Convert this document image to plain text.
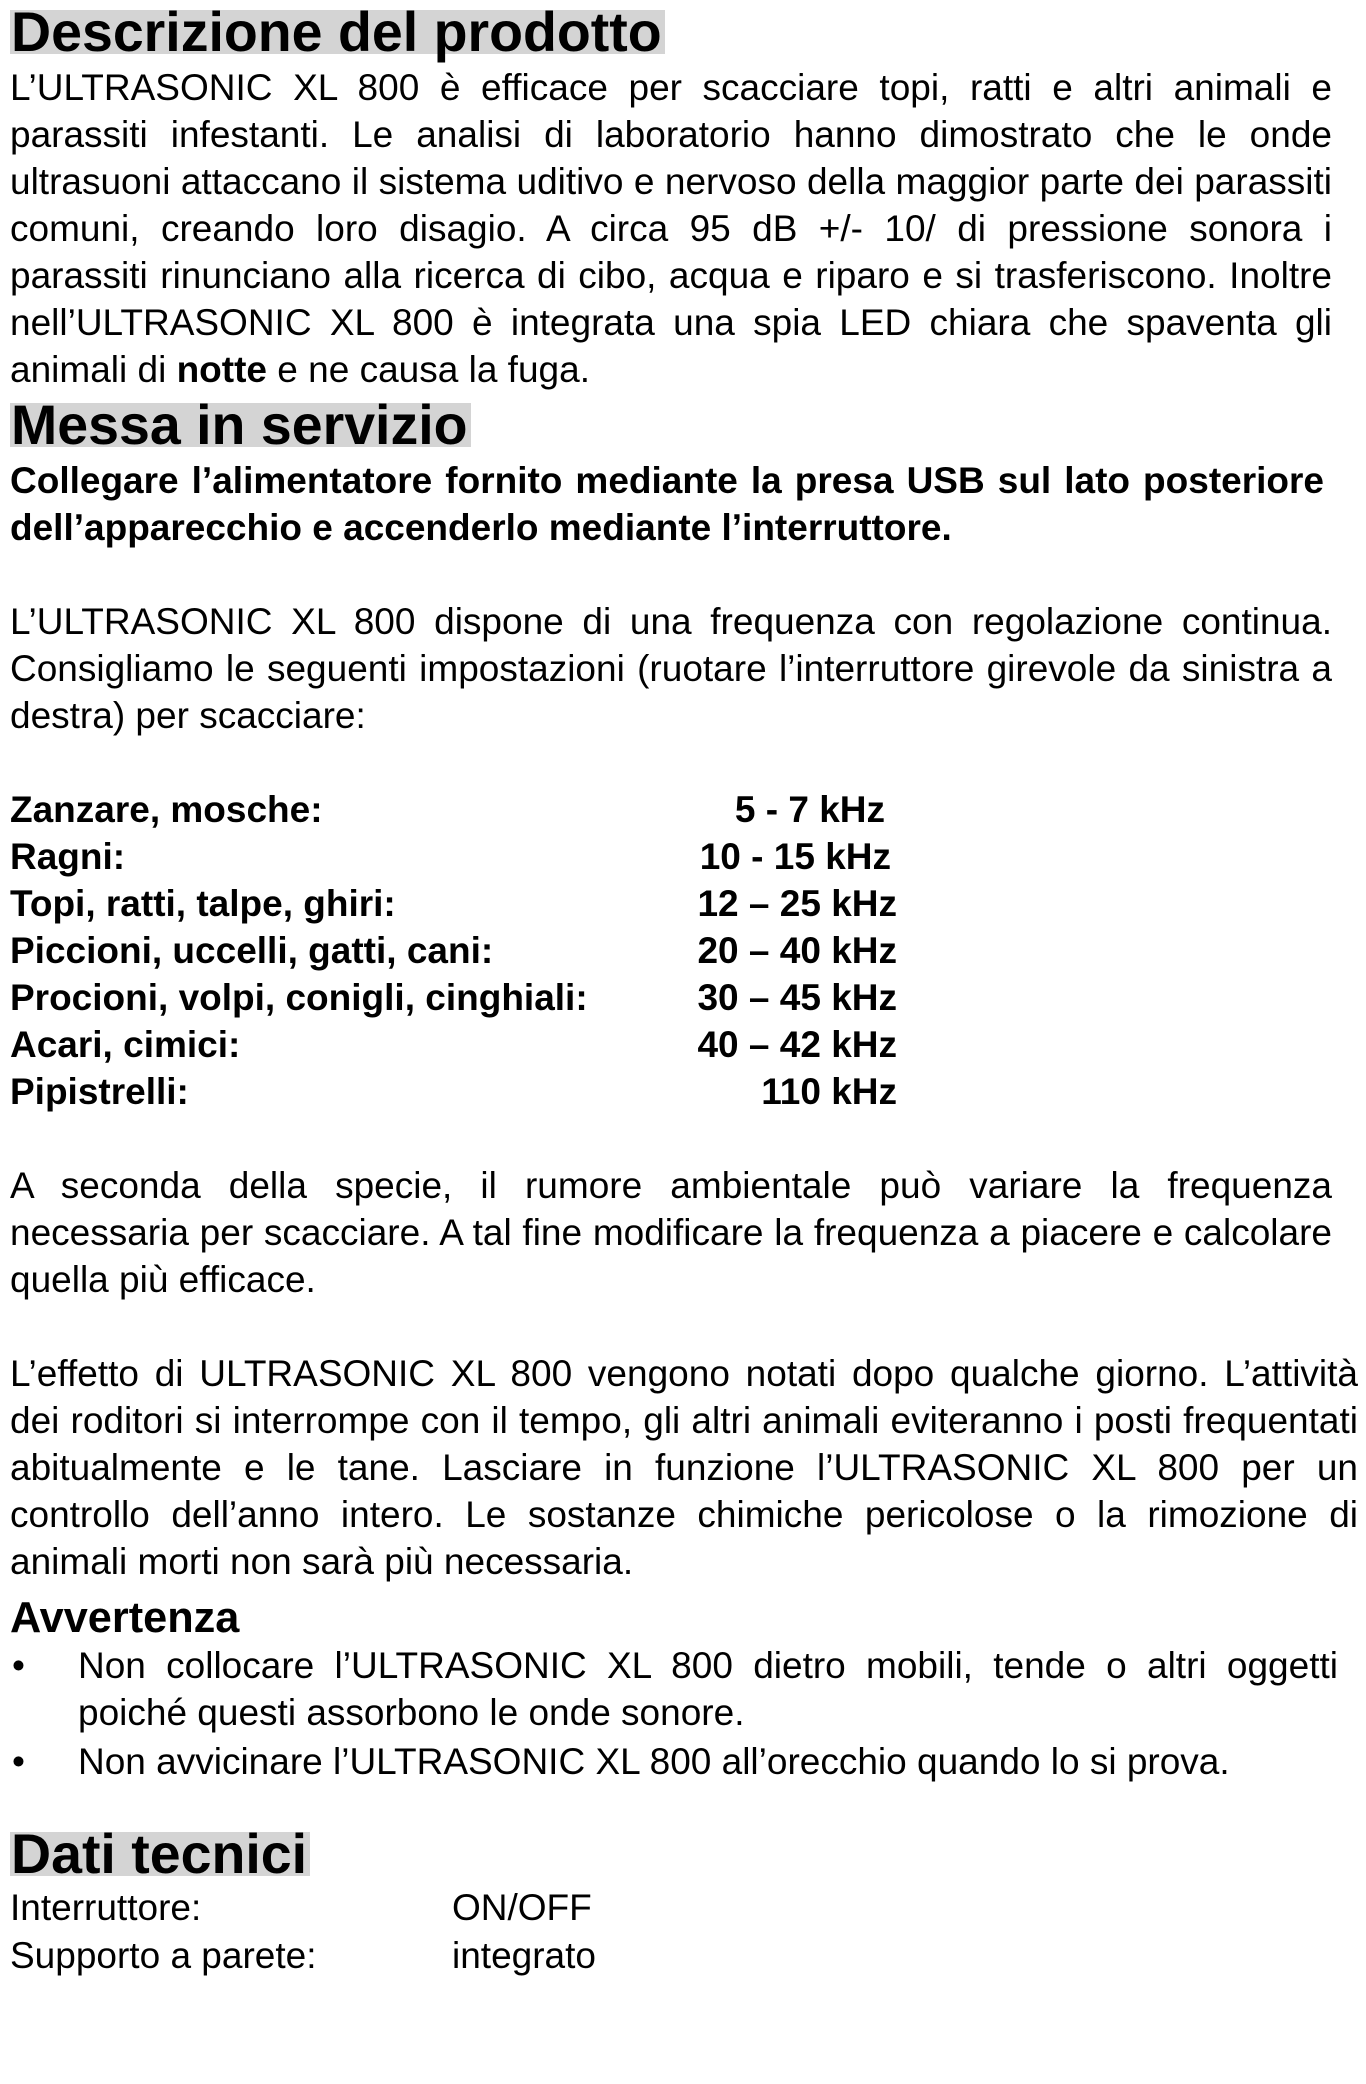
Descrizione del prodotto

L’ULTRASONIC XL 800 è efficace per scacciare topi, ratti e altri animali e parassiti infestanti. Le analisi di laboratorio hanno dimostrato che le onde ultrasuoni attaccano il sistema uditivo e nervoso della maggior parte dei parassiti comuni, creando loro disagio. A circa 95 dB +/- 10/ di pressione sonora i parassiti rinunciano alla ricerca di cibo, acqua e riparo e si trasferiscono. Inoltre nell’ULTRASONIC XL 800 è integrata una spia LED chiara che spaventa gli animali di notte e ne causa la fuga.

Messa in servizio

Collegare l’alimentatore fornito mediante la presa USB sul lato posteriore dell’apparecchio e accenderlo mediante l’interruttore.

L’ULTRASONIC XL 800 dispone di una frequenza con regolazione continua. Consigliamo le seguenti impostazioni (ruotare l’interruttore girevole da sinistra a destra) per scacciare:

Zanzare, mosche:	5 - 7 kHz
Ragni:	10 - 15 kHz
Topi, ratti, talpe, ghiri:	12 – 25 kHz
Piccioni, uccelli, gatti, cani:	20 – 40 kHz
Procioni, volpi, conigli, cinghiali:	30 – 45 kHz
Acari, cimici:	40 – 42 kHz
Pipistrelli:	110 kHz

A seconda della specie, il rumore ambientale può variare la frequenza necessaria per scacciare. A tal fine modificare la frequenza a piacere e calcolare quella più efficace.

L’effetto di ULTRASONIC XL 800 vengono notati dopo qualche giorno. L’attività dei roditori si interrompe con il tempo, gli altri animali eviteranno i posti frequentati abitualmente e le tane. Lasciare in funzione l’ULTRASONIC XL 800 per un controllo dell’anno intero. Le sostanze chimiche pericolose o la rimozione di animali morti non sarà più necessaria.

Avvertenza
• Non collocare l’ULTRASONIC XL 800 dietro mobili, tende o altri oggetti poiché questi assorbono le onde sonore.

• Non avvicinare l’ULTRASONIC XL 800 all’orecchio quando lo si prova.

Dati tecnici
Interruttore:	ON/OFF
Supporto a parete:	integrato
